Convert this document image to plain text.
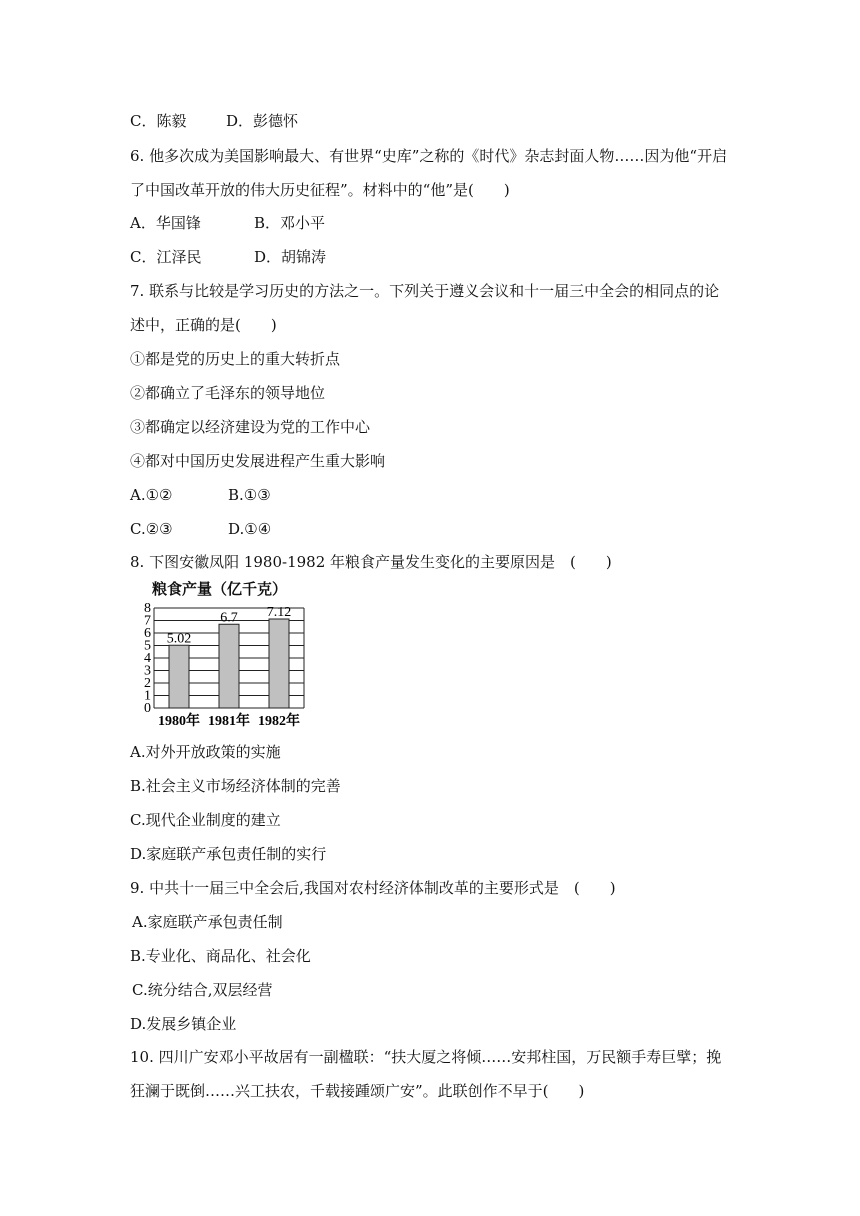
C．陈毅	D．彭德怀
6. 他多次成为美国影响最大、有世界“史库”之称的《时代》杂志封面人物……因为他“开启
了中国改革开放的伟大历史征程”。材料中的“他”是(　　)
A．华国锋	B．邓小平
C．江泽民	D．胡锦涛
7. 联系与比较是学习历史的方法之一。下列关于遵义会议和十一届三中全会的相同点的论
述中，正确的是(　　)
①都是党的历史上的重大转折点
②都确立了毛泽东的领导地位
③都确定以经济建设为党的工作中心
④都对中国历史发展进程产生重大影响
A.①②	B.①③
C.②③	D.①④
8. 下图安徽凤阳 1980-1982 年粮食产量发生变化的主要原因是　(　　)
粮食产量（亿千克）
0
1
2
3
4
5
6
7
8
5.02
1980年
6.7
1981年
7.12
1982年
A.对外开放政策的实施
B.社会主义市场经济体制的完善
C.现代企业制度的建立
D.家庭联产承包责任制的实行
9. 中共十一届三中全会后,我国对农村经济体制改革的主要形式是　(　　)
A.家庭联产承包责任制
B.专业化、商品化、社会化
C.统分结合,双层经营
D.发展乡镇企业
10. 四川广安邓小平故居有一副楹联：“扶大厦之将倾……安邦柱国，万民额手寿巨擘；挽
狂澜于既倒……兴工扶农，千载接踵颂广安”。此联创作不早于(　　)
